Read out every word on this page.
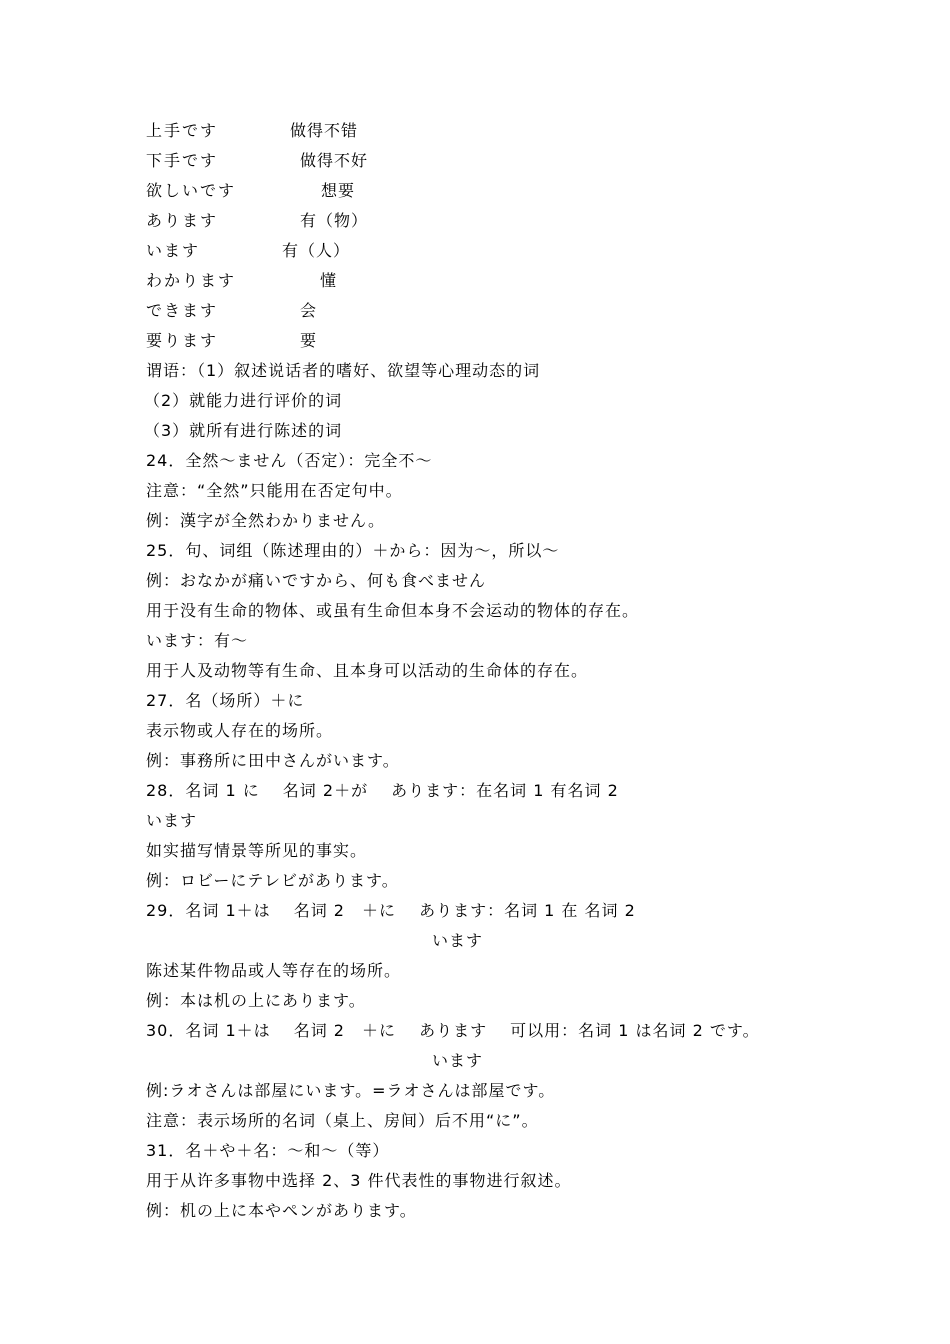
上手です	做得不错
下手です	做得不好
欲しいです	想要
あります	有（物）
います	有（人）
わかります	懂
できます	会
要ります	要
谓语：（1）叙述说话者的嗜好、欲望等心理动态的词
（2）就能力进行评价的词
（3）就所有进行陈述的词
24．全然～ません（否定）：完全不～
注意：“全然”只能用在否定句中。
例：漢字が全然わかりません。
25．句、词组（陈述理由的）＋から：因为～，所以～
例：おなかが痛いですから、何も食べません
用于没有生命的物体、或虽有生命但本身不会运动的物体的存在。
います：有～
用于人及动物等有生命、且本身可以活动的生命体的存在。
27．名（场所）＋に
表示物或人存在的场所。
例：事務所に田中さんがいます。
28．名词 1 に　 名词 2＋が　 あります：在名词 1 有名词 2
います
如实描写情景等所见的事实。
例：ロビーにテレビがあります。
29．名词 1＋は　 名词 2　＋に　 あります：名词 1 在 名词 2
います
陈述某件物品或人等存在的场所。
例：本は机の上にあります。
30．名词 1＋は　 名词 2　＋に　 あります　 可以用：名词 1 は名词 2 です。
います
例:ラオさんは部屋にいます。=ラオさんは部屋です。
注意：表示场所的名词（桌上、房间）后不用“に”。
31．名＋や＋名：～和～（等）
用于从许多事物中选择 2、3 件代表性的事物进行叙述。
例：机の上に本やペンがあります。
